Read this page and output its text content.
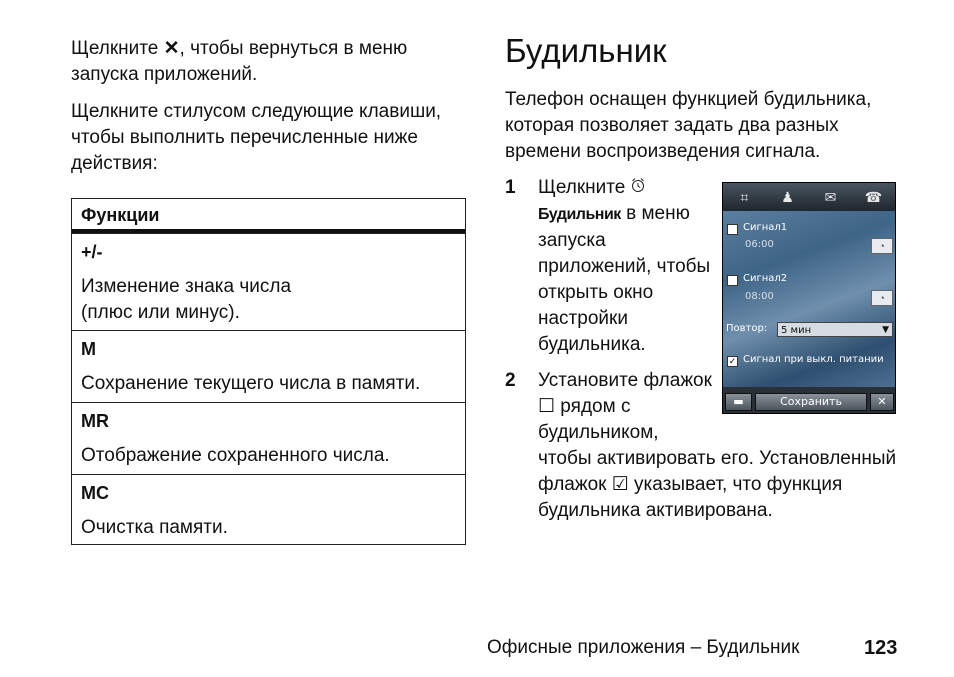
Щелкните ✕, чтобы вернуться в меню запуска приложений.

Щелкните стилусом следующие клавиши, чтобы выполнить перечисленные ниже действия:

Функции
+/-
Изменение знака числа (плюс или минус).
M
Сохранение текущего числа в памяти.
MR
Отображение сохраненного числа.
MC
Очистка памяти.
Будильник

Телефон оснащен функцией будильника, которая позволяет задать два разных времени воспроизведения сигнала.

1 Щелкните
Будильник в меню запуска приложений, чтобы открыть окно настройки будильника.

2 Установите флажок ☐ рядом с будильником,

чтобы активировать его. Установленный флажок ☑ указывает, что функция будильника активирована.

⌗	♟ ✉ ☎
Сигнал1
06:00	◔
Сигнал2
08:00	◔
Повтор:	5 мин	▼
✓ Сигнал при выкл. питании
▬	Сохранить	✕

Офисные приложения – Будильник	123
